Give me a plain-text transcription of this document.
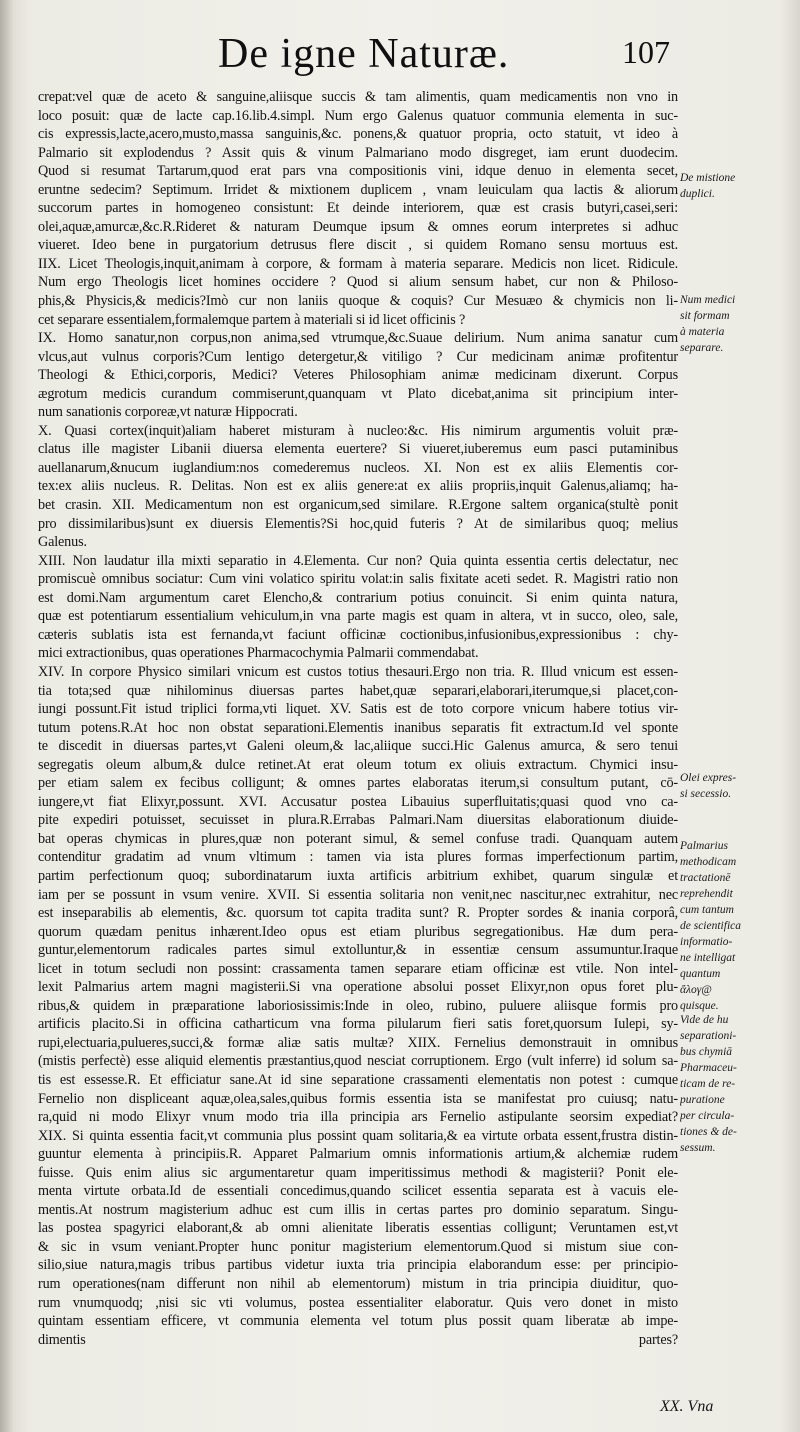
De igne Naturæ.	107
crepat:vel quæ de aceto & sanguine,aliisque succis & tam alimentis, quam medicamentis non vno in
loco posuit: quæ de lacte cap.16.lib.4.simpl. Num ergo Galenus quatuor communia elementa in suc-
cis expressis,lacte,acero,musto,massa sanguinis,&c. ponens,& quatuor propria, octo statuit, vt ideo à
Palmario sit explodendus ? Assit quis & vinum Palmariano modo disgreget, iam erunt duodecim.
Quod si resumat Tartarum,quod erat pars vna compositionis vini, idque denuo in elementa secet,
eruntne sedecim? Septimum. Irridet & mixtionem duplicem , vnam leuiculam qua lactis & aliorum
succorum partes in homogeneo consistunt: Et deinde interiorem, quæ est crasis butyri,casei,seri:
olei,aquæ,amurcæ,&c.R.Rideret & naturam Deumque ipsum & omnes eorum interpretes si adhuc
viueret. Ideo bene in purgatorium detrusus flere discit , si quidem Romano sensu mortuus est.
IIX. Licet Theologis,inquit,animam à corpore, & formam à materia separare. Medicis non licet. Ridicule.
Num ergo Theologis licet homines occidere ? Quod si alium sensum habet, cur non & Philoso-
phis,& Physicis,& medicis?Imò cur non laniis quoque & coquis? Cur Mesuæo & chymicis non li-
cet separare essentialem,formalemque partem à materiali si id licet officinis ?
IX. Homo sanatur,non corpus,non anima,sed vtrumque,&c.Suaue delirium. Num anima sanatur cum
vlcus,aut vulnus corporis?Cum lentigo detergetur,& vitiligo ? Cur medicinam animæ profitentur
Theologi & Ethici,corporis, Medici? Veteres Philosophiam animæ medicinam dixerunt. Corpus
ægrotum medicis curandum commiserunt,quanquam vt Plato dicebat,anima sit principium inter-
num sanationis corporeæ,vt naturæ Hippocrati.
X. Quasi cortex(inquit)aliam haberet misturam à nucleo:&c. His nimirum argumentis voluit præ-
clatus ille magister Libanii diuersa elementa euertere? Si viueret,iuberemus eum pasci putaminibus
auellanarum,&nucum iuglandium:nos comederemus nucleos. XI. Non est ex aliis Elementis cor-
tex:ex aliis nucleus. R. Delitas. Non est ex aliis genere:at ex aliis propriis,inquit Galenus,aliamq; ha-
bet crasin. XII. Medicamentum non est organicum,sed similare. R.Ergone saltem organica(stultè ponit
pro dissimilaribus)sunt ex diuersis Elementis?Si hoc,quid futeris ? At de similaribus quoq; melius
Galenus.
XIII. Non laudatur illa mixti separatio in 4.Elementa. Cur non? Quia quinta essentia certis delectatur, nec
promiscuè omnibus sociatur: Cum vini volatico spiritu volat:in salis fixitate aceti sedet. R. Magistri ratio non
est domi.Nam argumentum caret Elencho,& contrarium potius conuincit. Si enim quinta natura,
quæ est potentiarum essentialium vehiculum,in vna parte magis est quam in altera, vt in succo, oleo, sale,
cæteris sublatis ista est fernanda,vt faciunt officinæ coctionibus,infusionibus,expressionibus : chy-
mici extractionibus, quas operationes Pharmacochymia Palmarii commendabat.
XIV. In corpore Physico similari vnicum est custos totius thesauri.Ergo non tria. R. Illud vnicum est essen-
tia tota;sed quæ nihilominus diuersas partes habet,quæ separari,elaborari,iterumque,si placet,con-
iungi possunt.Fit istud triplici forma,vti liquet. XV. Satis est de toto corpore vnicum habere totius vir-
tutum potens.R.At hoc non obstat separationi.Elementis inanibus separatis fit extractum.Id vel sponte
te discedit in diuersas partes,vt Galeni oleum,& lac,aliique succi.Hic Galenus amurca, & sero tenui
segregatis oleum album,& dulce retinet.At erat oleum totum ex oliuis extractum. Chymici insu-
per etiam salem ex fecibus colligunt; & omnes partes elaboratas iterum,si consultum putant, cō-
iungere,vt fiat Elixyr,possunt. XVI. Accusatur postea Libauius superfluitatis;quasi quod vno ca-
pite expediri potuisset, secuisset in plura.R.Errabas Palmari.Nam diuersitas elaborationum diuide-
bat operas chymicas in plures,quæ non poterant simul, & semel confuse tradi. Quanquam autem
contenditur gradatim ad vnum vltimum : tamen via ista plures formas imperfectionum partim,
partim perfectionum quoq; subordinatarum iuxta artificis arbitrium exhibet, quarum singulæ et
iam per se possunt in vsum venire. XVII. Si essentia solitaria non venit,nec nascitur,nec extrahitur, nec
est inseparabilis ab elementis, &c. quorsum tot capita tradita sunt? R. Propter sordes & inania corporâ,
quorum quædam penitus inhærent.Ideo opus est etiam pluribus segregationibus. Hæ dum pera-
guntur,elementorum radicales partes simul extolluntur,& in essentiæ censum assumuntur.Iraque
licet in totum secludi non possint: crassamenta tamen separare etiam officinæ est vtile. Non intel-
lexit Palmarius artem magni magisterii.Si vna operatione absolui posset Elixyr,non opus foret plu-
ribus,& quidem in præparatione laboriosissimis:Inde in oleo, rubino, puluere aliisque formis pro
artificis placito.Si in officina catharticum vna forma pilularum fieri satis foret,quorsum Iulepi, sy-
rupi,electuaria,pulueres,succi,& formæ aliæ satis multæ? XIIX. Fernelius demonstrauit in omnibus
(mistis perfectè) esse aliquid elementis præstantius,quod nesciat corruptionem. Ergo (vult inferre) id solum sa-
tis est essesse.R. Et efficiatur sane.At id sine separatione crassamenti elementatis non potest : cumque
Fernelio non displiceant aquæ,olea,sales,quibus formis essentia ista se manifestat pro cuiusq; natu-
ra,quid ni modo Elixyr vnum modo tria illa principia ars Fernelio astipulante seorsim expediat?
XIX. Si quinta essentia facit,vt communia plus possint quam solitaria,& ea virtute orbata essent,frustra distin-
guuntur elementa à principiis.R. Apparet Palmarium omnis informationis artium,& alchemiæ rudem
fuisse. Quis enim alius sic argumentaretur quam imperitissimus methodi & magisterii? Ponit ele-
menta virtute orbata.Id de essentiali concedimus,quando scilicet essentia separata est à vacuis ele-
mentis.At nostrum magisterium adhuc est cum illis in certas partes pro dominio separatum. Singu-
las postea spagyrici elaborant,& ab omni alienitate liberatis essentias colligunt; Veruntamen est,vt
& sic in vsum veniant.Propter hunc ponitur magisterium elementorum.Quod si mistum siue con-
silio,siue natura,magis tribus partibus videtur iuxta tria principia elaborandum esse: per principio-
rum operationes(nam differunt non nihil ab elementorum) mistum in tria principia diuiditur, quo-
rum vnumquodq; ,nisi sic vti volumus, postea essentialiter elaboratur. Quis vero donet in misto
quintam essentiam efficere, vt communia elementa vel totum plus possit quam liberatæ ab impe-
dimentis partes?
De mistione
duplici.
Num medici
sit formam
à materia
separare.
Olei expres-
si secessio.
Palmarius
methodicam
tractationē
reprehendit
cum tantum
de scientifica
informatio-
ne intelligat
quantum
ἄλογ@
quisque.
Vide de hu
separationi-
bus chymiā
Pharmaceu-
ticam de re-
puratione
per circula-
tiones & de-
sessum.
XX. Vna
